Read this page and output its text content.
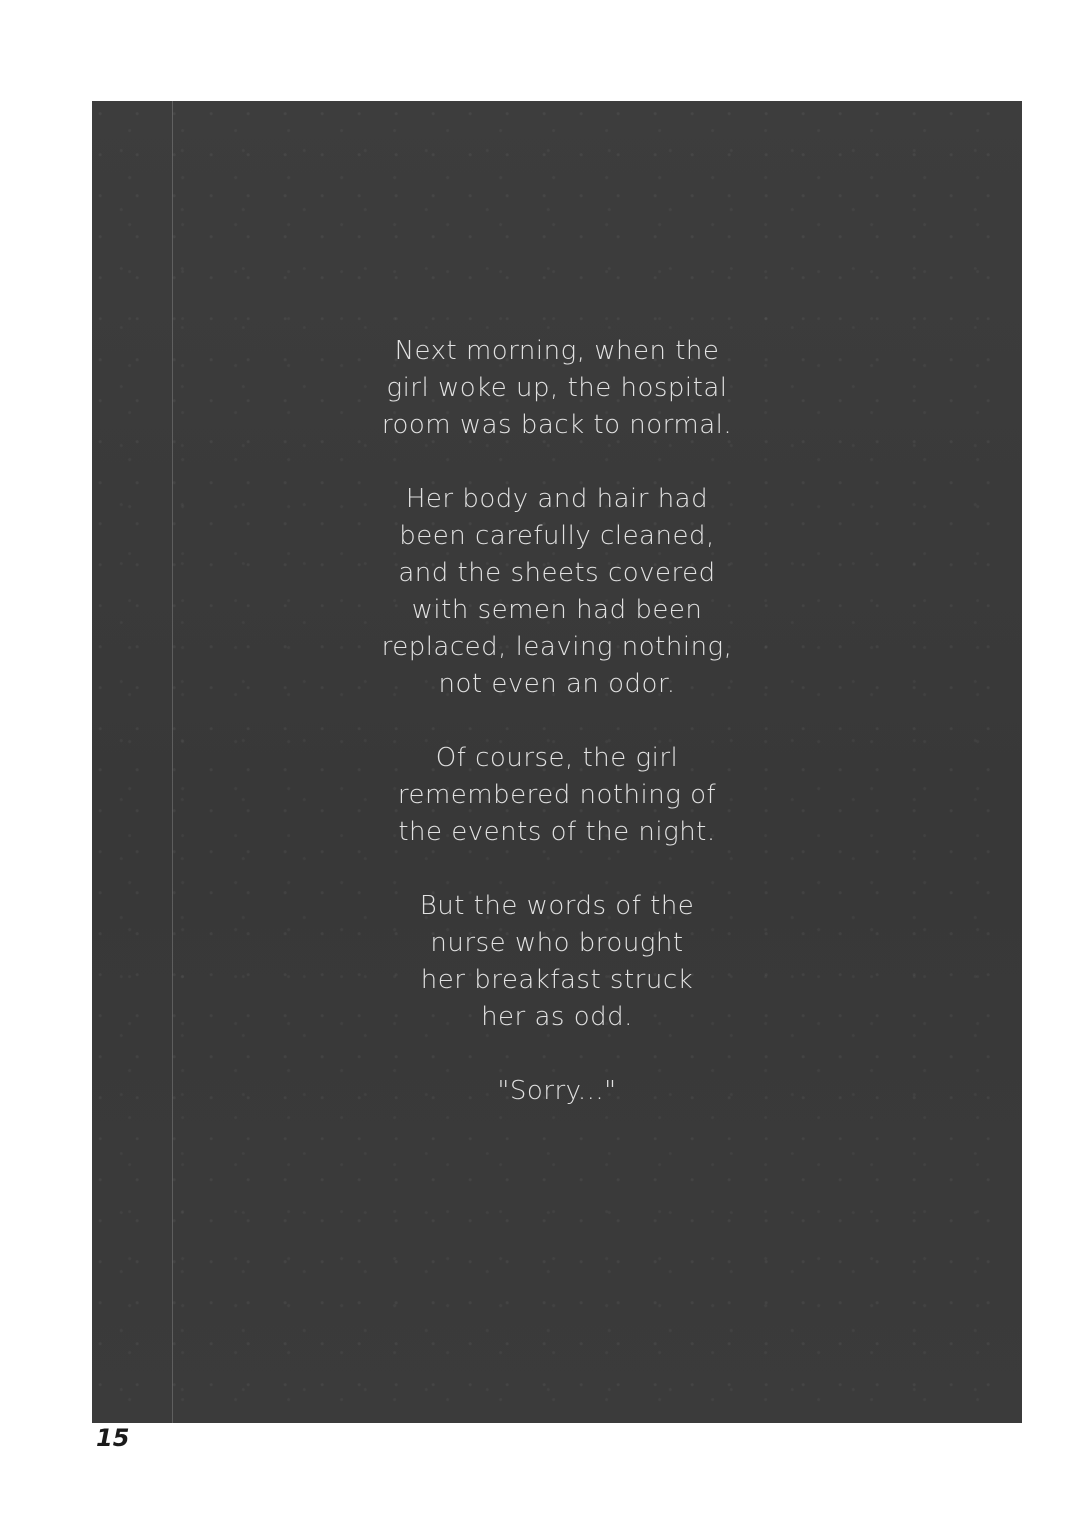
Next morning, when the
girl woke up, the hospital
room was back to normal.

Her body and hair had
been carefully cleaned,
and the sheets covered
with semen had been
replaced, leaving nothing,
not even an odor.

Of course, the girl
remembered nothing of
the events of the night.

But the words of the
nurse who brought
her breakfast struck
her as odd.

"Sorry..."

15
